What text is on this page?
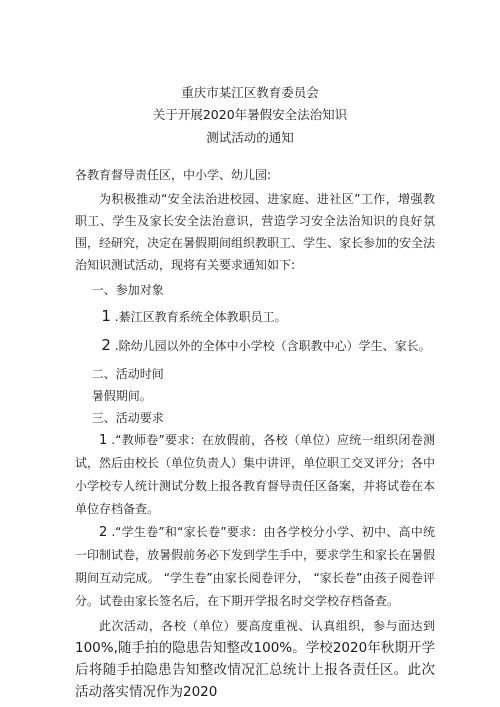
重庆市某江区教育委员会
关于开展2020年暑假安全法治知识
测试活动的通知

各教育督导责任区，中小学、幼儿园:

为积极推动“安全法治进校园、进家庭、进社区”工作，增强教职工、学生及家长安全法治意识，营造学习安全法治知识的良好氛围，经研究，决定在暑假期间组织教职工、学生、家长参加的安全法治知识测试活动，现将有关要求通知如下:

一、参加对象

1 .綦江区教育系统全体教职员工。

2 .除幼儿园以外的全体中小学校（含职教中心）学生、家长。

二、活动时间

暑假期间。

三、活动要求

1 .“教师卷”要求：在放假前，各校（单位）应统一组织闭卷测试，然后由校长（单位负责人）集中讲评，单位职工交叉评分；各中小学校专人统计测试分数上报各教育督导责任区备案，并将试卷在本单位存档备查。

2 .“学生卷”和“家长卷”要求：由各学校分小学、初中、高中统一印制试卷，放暑假前务必下发到学生手中，要求学生和家长在暑假期间互动完成。 “学生卷”由家长阅卷评分， “家长卷”由孩子阅卷评分。试卷由家长签名后，在下期开学报名时交学校存档备查。

此次活动，各校（单位）要高度重视、认真组织，参与面达到100%,随手拍的隐患告知整改100%。学校2020年秋期开学后将随手拍隐患告知整改情况汇总统计上报各责任区。此次活动落实情况作为2020
